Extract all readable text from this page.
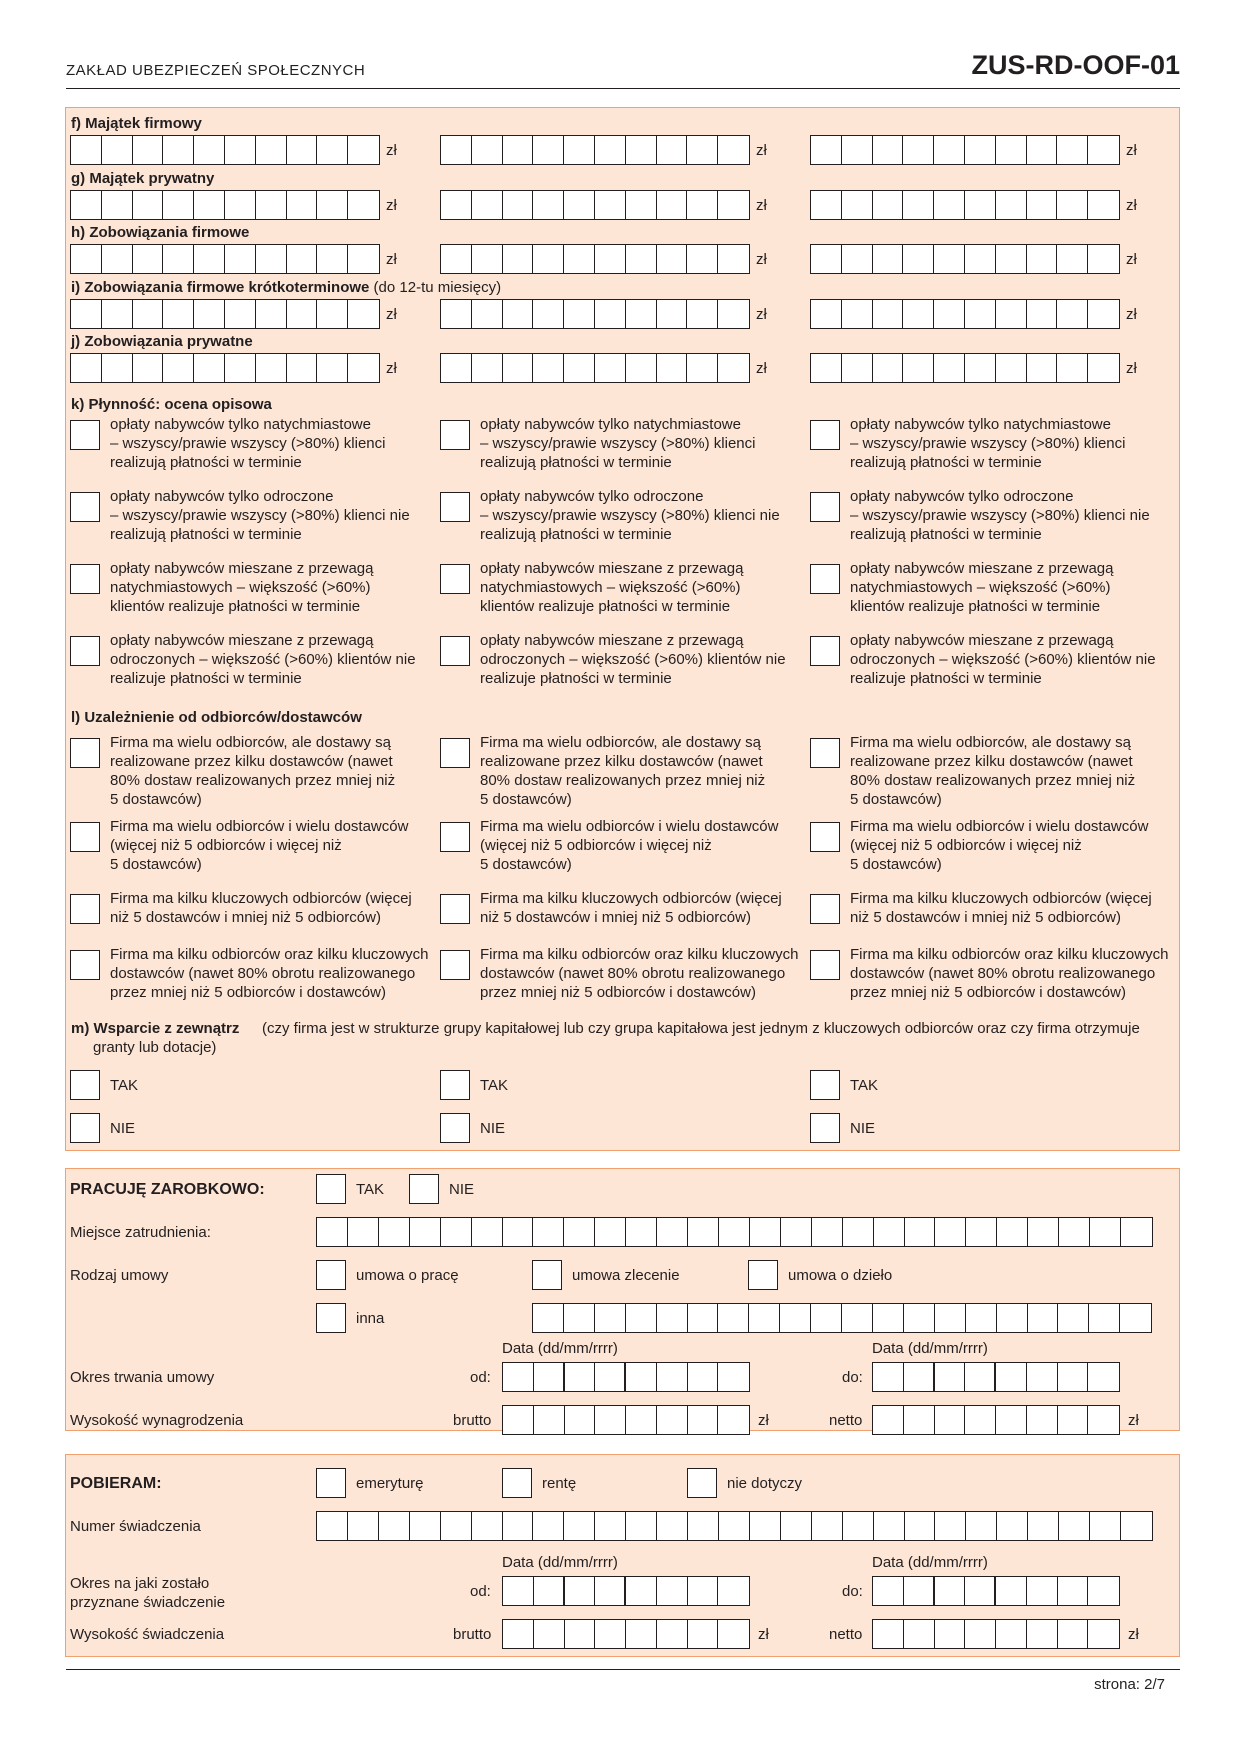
ZAKŁAD UBEZPIECZEŃ SPOŁECZNYCH	ZUS-RD-OOF-01
f) Majątek firmowy
zł	zł	zł
g) Majątek prywatny
zł	zł	zł
h) Zobowiązania firmowe
zł	zł	zł
i) Zobowiązania firmowe krótkoterminowe (do 12-tu miesięcy)
zł	zł	zł
j) Zobowiązania prywatne
zł	zł	zł
k) Płynność: ocena opisowa
opłaty nabywców tylko natychmiastowe
– wszyscy/prawie wszyscy (>80%) klienci
realizują płatności w terminie
opłaty nabywców tylko natychmiastowe
– wszyscy/prawie wszyscy (>80%) klienci
realizują płatności w terminie
opłaty nabywców tylko natychmiastowe
– wszyscy/prawie wszyscy (>80%) klienci
realizują płatności w terminie
opłaty nabywców tylko odroczone
– wszyscy/prawie wszyscy (>80%) klienci nie
realizują płatności w terminie
opłaty nabywców tylko odroczone
– wszyscy/prawie wszyscy (>80%) klienci nie
realizują płatności w terminie
opłaty nabywców tylko odroczone
– wszyscy/prawie wszyscy (>80%) klienci nie
realizują płatności w terminie
opłaty nabywców mieszane z przewagą
natychmiastowych – większość (>60%)
klientów realizuje płatności w terminie
opłaty nabywców mieszane z przewagą
natychmiastowych – większość (>60%)
klientów realizuje płatności w terminie
opłaty nabywców mieszane z przewagą
natychmiastowych – większość (>60%)
klientów realizuje płatności w terminie
opłaty nabywców mieszane z przewagą
odroczonych – większość (>60%) klientów nie
realizuje płatności w terminie
opłaty nabywców mieszane z przewagą
odroczonych – większość (>60%) klientów nie
realizuje płatności w terminie
opłaty nabywców mieszane z przewagą
odroczonych – większość (>60%) klientów nie
realizuje płatności w terminie
l) Uzależnienie od odbiorców/dostawców
Firma ma wielu odbiorców, ale dostawy są
realizowane przez kilku dostawców (nawet
80% dostaw realizowanych przez mniej niż
5 dostawców)
Firma ma wielu odbiorców, ale dostawy są
realizowane przez kilku dostawców (nawet
80% dostaw realizowanych przez mniej niż
5 dostawców)
Firma ma wielu odbiorców, ale dostawy są
realizowane przez kilku dostawców (nawet
80% dostaw realizowanych przez mniej niż
5 dostawców)
Firma ma wielu odbiorców i wielu dostawców
(więcej niż 5 odbiorców i więcej niż
5 dostawców)
Firma ma wielu odbiorców i wielu dostawców
(więcej niż 5 odbiorców i więcej niż
5 dostawców)
Firma ma wielu odbiorców i wielu dostawców
(więcej niż 5 odbiorców i więcej niż
5 dostawców)
Firma ma kilku kluczowych odbiorców (więcej
niż 5 dostawców i mniej niż 5 odbiorców)
Firma ma kilku kluczowych odbiorców (więcej
niż 5 dostawców i mniej niż 5 odbiorców)
Firma ma kilku kluczowych odbiorców (więcej
niż 5 dostawców i mniej niż 5 odbiorców)
Firma ma kilku odbiorców oraz kilku kluczowych
dostawców (nawet 80% obrotu realizowanego
przez mniej niż 5 odbiorców i dostawców)
Firma ma kilku odbiorców oraz kilku kluczowych
dostawców (nawet 80% obrotu realizowanego
przez mniej niż 5 odbiorców i dostawców)
Firma ma kilku odbiorców oraz kilku kluczowych
dostawców (nawet 80% obrotu realizowanego
przez mniej niż 5 odbiorców i dostawców)
m) Wsparcie z zewnątrz (czy firma jest w strukturze grupy kapitałowej lub czy grupa kapitałowa jest jednym z kluczowych odbiorców oraz czy firma otrzymuje
granty lub dotacje)
TAK	TAK	TAK
NIE	NIE	NIE
PRACUJĘ ZAROBKOWO:	TAK	NIE
Miejsce zatrudnienia:
Rodzaj umowy	umowa o pracę	umowa zlecenie	umowa o dzieło
inna
Data (dd/mm/rrrr)	Data (dd/mm/rrrr)
Okres trwania umowy	od:	do:
Wysokość wynagrodzenia	brutto	zł	netto	zł
POBIERAM:	emeryturę	rentę	nie dotyczy
Numer świadczenia
Data (dd/mm/rrrr)	Data (dd/mm/rrrr)
Okres na jaki zostało
przyznane świadczenie
od:	do:
Wysokość świadczenia	brutto	zł	netto	zł
strona: 2/7
